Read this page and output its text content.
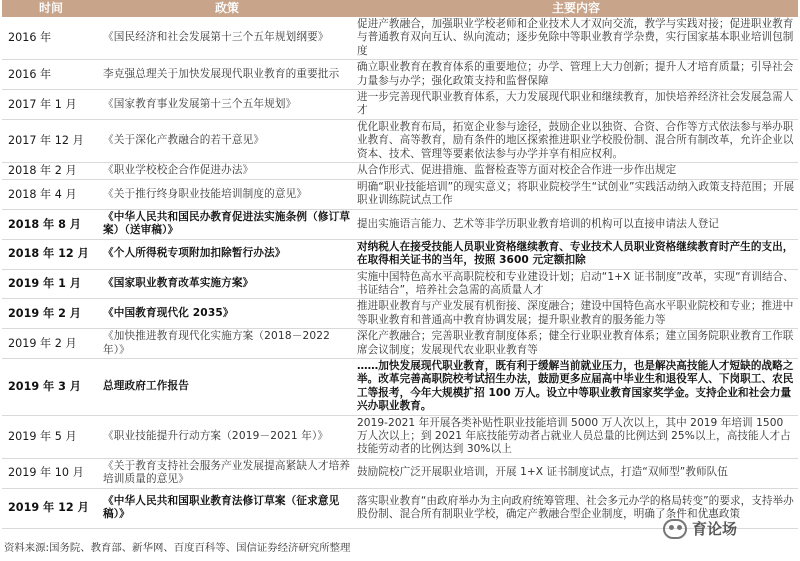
时间	政策	主要内容
2016 年	《国民经济和社会发展第十三个五年规划纲要》	促进产教融合，加强职业学校老师和企业技术人才双向交流，教学与实践对接；促进职业教育与普通教育双向互认、纵向流动；逐步免除中等职业教育学杂费，实行国家基本职业培训包制度
2016 年	李克强总理关于加快发展现代职业教育的重要批示	确立职业教育在教育体系的重要地位；办学、管理上大力创新；提升人才培育质量；引导社会力量参与办学；强化政策支持和监督保障
2017 年 1 月	《国家教育事业发展第十三个五年规划》	进一步完善现代职业教育体系，大力发展现代职业和继续教育，加快培养经济社会发展急需人才
2017 年 12 月	《关于深化产教融合的若干意见》	优化职业教育布局，拓宽企业参与途径，鼓励企业以独资、合资、合作等方式依法参与举办职业教育、高等教育，励有条件的地区探索推进职业学校股份制、混合所有制改革，允许企业以资本、技术、管理等要素依法参与办学并享有相应权利。
2018 年 2 月	《职业学校校企合作促进办法》	从合作形式、促进措施、监督检查等方面对校企合作进一步作出规定
2018 年 4 月	《关于推行终身职业技能培训制度的意见》	明确“职业技能培训”的现实意义；将职业院校学生“试创业”实践活动纳入政策支持范围；开展职业训练院试点工作
2018 年 8 月	《中华人民共和国民办教育促进法实施条例（修订草案）（送审稿）》	提出实施语言能力、艺术等非学历职业教育培训的机构可以直接申请法人登记
2018 年 12 月	《个人所得税专项附加扣除暂行办法》	对纳税人在接受技能人员职业资格继续教育、专业技术人员职业资格继续教育时产生的支出，在取得相关证书的当年，按照 3600 元定额扣除
2019 年 1 月	《国家职业教育改革实施方案》	实施中国特色高水平高职院校和专业建设计划；启动“1+X 证书制度”改革，实现“育训结合、书证结合”，培养社会急需的高质量人才
2019 年 2 月	《中国教育现代化 2035》	推进职业教育与产业发展有机衔接、深度融合；建设中国特色高水平职业院校和专业；推进中等职业教育和普通高中教育协调发展；提升职业教育的服务能力等
2019 年 2 月	《加快推进教育现代化实施方案（2018－2022 年）》	深化产教融合；完善职业教育制度体系；健全行业职业教育体系；建立国务院职业教育工作联席会议制度；发展现代农业职业教育等
2019 年 3 月	总理政府工作报告	……加快发展现代职业教育，既有利于缓解当前就业压力，也是解决高技能人才短缺的战略之举。改革完善高职院校考试招生办法，鼓励更多应届高中毕业生和退役军人、下岗职工、农民工等报考，今年大规模扩招 100 万人。设立中等职业教育国家奖学金。支持企业和社会力量兴办职业教育。
2019 年 5 月	《职业技能提升行动方案（2019－2021 年）》	2019-2021 年开展各类补贴性职业技能培训 5000 万人次以上，其中 2019 年培训 1500 万人次以上；到 2021 年底技能劳动者占就业人员总量的比例达到 25%以上，高技能人才占技能劳动者的比例达到 30%以上
2019 年 10 月	《关于教育支持社会服务产业发展提高紧缺人才培养培训质量的意见》	鼓励院校广泛开展职业培训，开展 1+X 证书制度试点，打造“双师型”教师队伍
2019 年 12 月	《中华人民共和国职业教育法修订草案（征求意见稿）》	落实职业教育“由政府举办为主向政府统筹管理、社会多元办学的格局转变”的要求，支持举办股份制、混合所有制职业学校，确定产教融合型企业制度，明确了条件和优惠政策
资料来源:国务院、教育部、新华网、百度百科等、国信证券经济研究所整理
育论场
